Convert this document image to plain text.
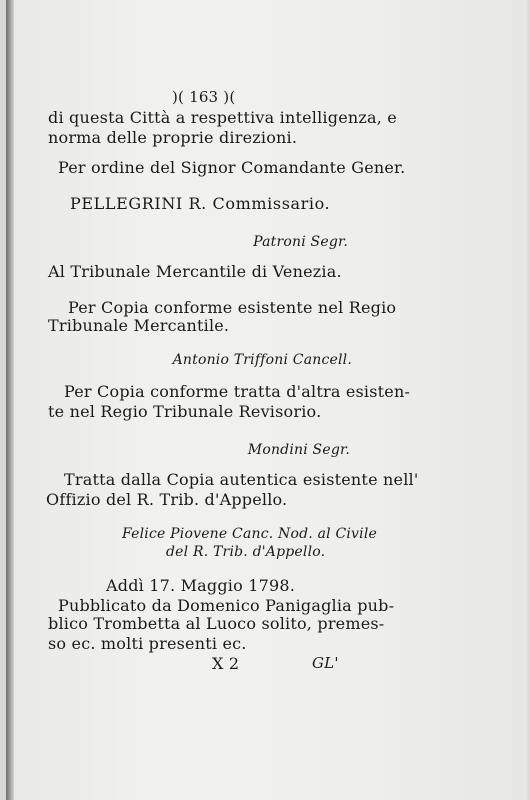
)( 163 )(
di questa Città a respettiva intelligenza, e
norma delle proprie direzioni.
Per ordine del Signor Comandante Gener.
PELLEGRINI R. Commissario.
Patroni Segr.
Al Tribunale Mercantile di Venezia.
Per Copia conforme esistente nel Regio
Tribunale Mercantile.
Antonio Triffoni Cancell.
Per Copia conforme tratta d'altra esisten-
te nel Regio Tribunale Revisorio.
Mondini Segr.
Tratta dalla Copia autentica esistente nell'
Offizio del R. Trib. d'Appello.
Felice Piovene Canc. Nod. al Civile
del R. Trib. d'Appello.
Addì 17. Maggio 1798.
Pubblicato da Domenico Panigaglia pub-
blico Trombetta al Luoco solito, premes-
so ec. molti presenti ec.
X 2	GL'
